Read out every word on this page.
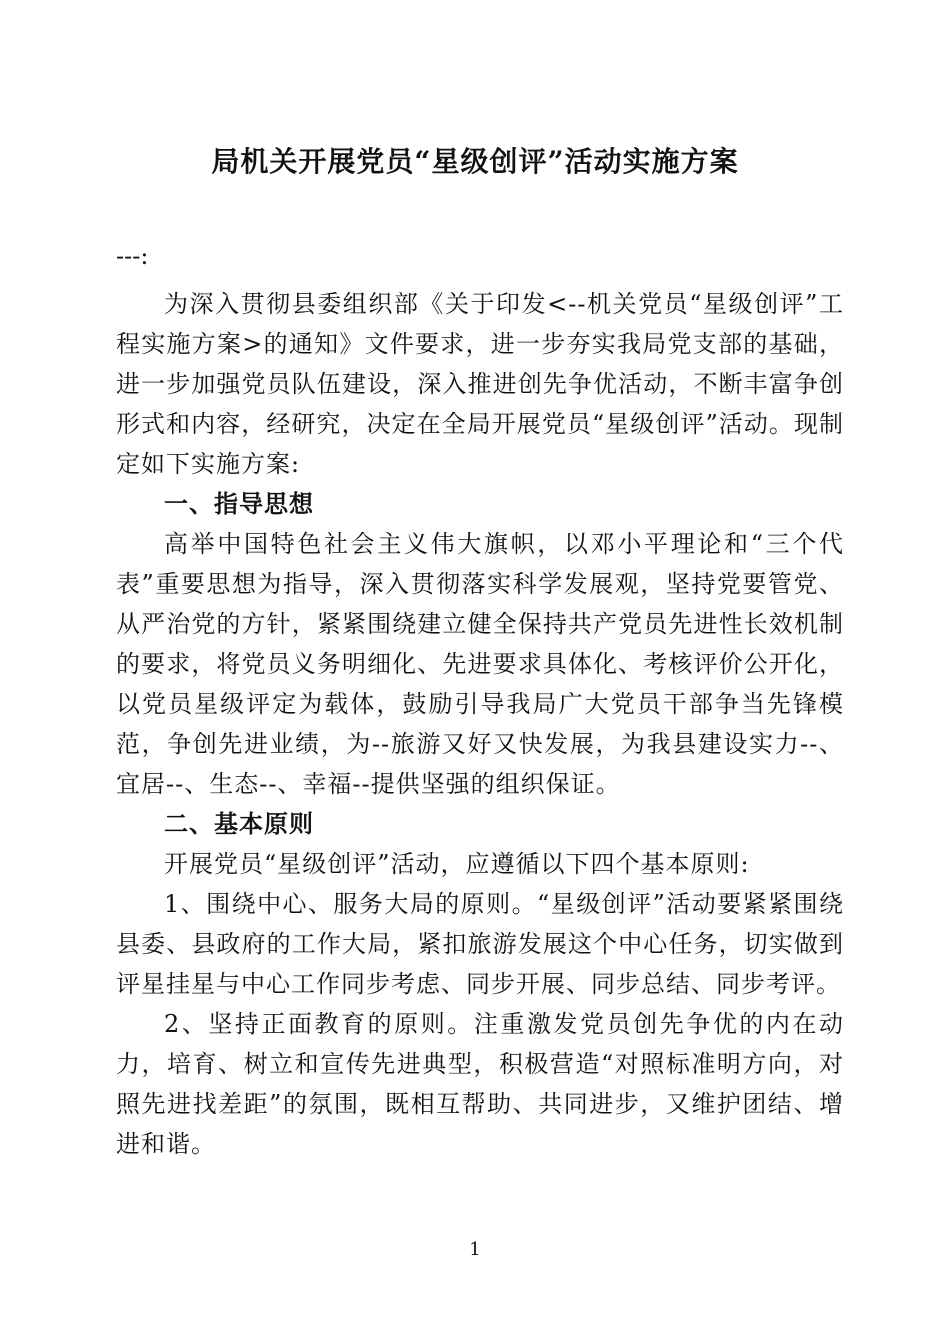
局机关开展党员“星级创评”活动实施方案

---:

为深入贯彻县委组织部《关于印发<--机关党员“星级创评”工程实施方案>的通知》文件要求，进一步夯实我局党支部的基础，进一步加强党员队伍建设，深入推进创先争优活动，不断丰富争创形式和内容，经研究，决定在全局开展党员“星级创评”活动。现制定如下实施方案:

一、指导思想

高举中国特色社会主义伟大旗帜，以邓小平理论和“三个代表”重要思想为指导，深入贯彻落实科学发展观，坚持党要管党、从严治党的方针，紧紧围绕建立健全保持共产党员先进性长效机制的要求，将党员义务明细化、先进要求具体化、考核评价公开化，以党员星级评定为载体，鼓励引导我局广大党员干部争当先锋模范，争创先进业绩，为--旅游又好又快发展，为我县建设实力--、宜居--、生态--、幸福--提供坚强的组织保证。

二、基本原则

开展党员“星级创评”活动，应遵循以下四个基本原则:

1、围绕中心、服务大局的原则。“星级创评”活动要紧紧围绕县委、县政府的工作大局，紧扣旅游发展这个中心任务，切实做到评星挂星与中心工作同步考虑、同步开展、同步总结、同步考评。

2、坚持正面教育的原则。注重激发党员创先争优的内在动力，培育、树立和宣传先进典型，积极营造“对照标准明方向，对照先进找差距”的氛围，既相互帮助、共同进步，又维护团结、增进和谐。

1
